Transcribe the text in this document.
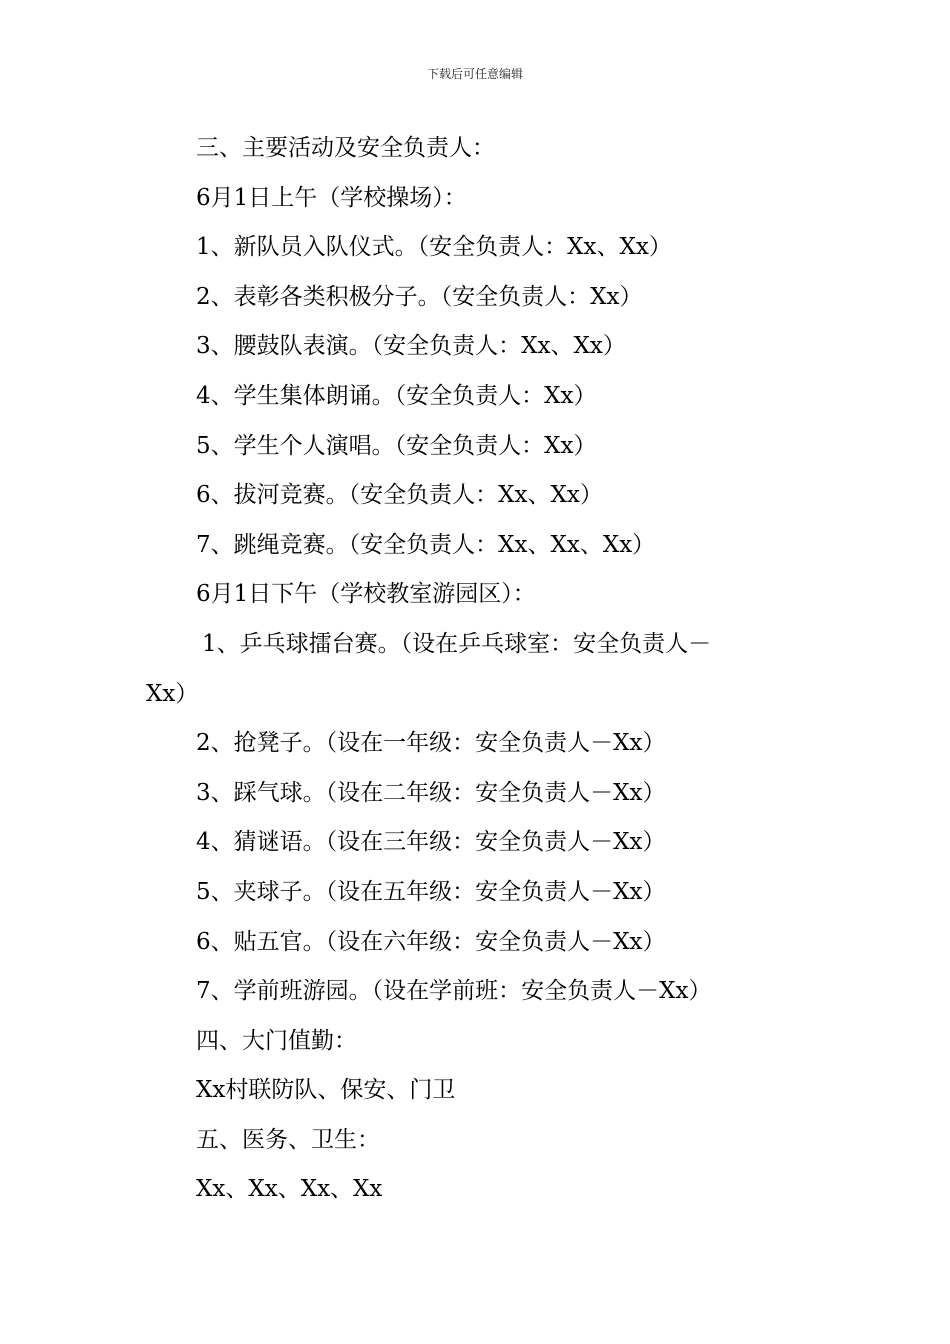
下载后可任意编辑
三、主要活动及安全负责人：
6月1日上午（学校操场）：
1、新队员入队仪式。（安全负责人：Xx、Xx）
2、表彰各类积极分子。（安全负责人：Xx）
3、腰鼓队表演。（安全负责人：Xx、Xx）
4、学生集体朗诵。（安全负责人：Xx）
5、学生个人演唱。（安全负责人：Xx）
6、拔河竞赛。（安全负责人：Xx、Xx）
7、跳绳竞赛。（安全负责人：Xx、Xx、Xx）
6月1日下午（学校教室游园区）：
1、乒乓球擂台赛。（设在乒乓球室：安全负责人－
Xx）
2、抢凳子。（设在一年级：安全负责人－Xx）
3、踩气球。（设在二年级：安全负责人－Xx）
4、猜谜语。（设在三年级：安全负责人－Xx）
5、夹球子。（设在五年级：安全负责人－Xx）
6、贴五官。（设在六年级：安全负责人－Xx）
7、学前班游园。（设在学前班：安全负责人－Xx）
四、大门值勤：
Xx村联防队、保安、门卫
五、医务、卫生：
Xx、Xx、Xx、Xx
